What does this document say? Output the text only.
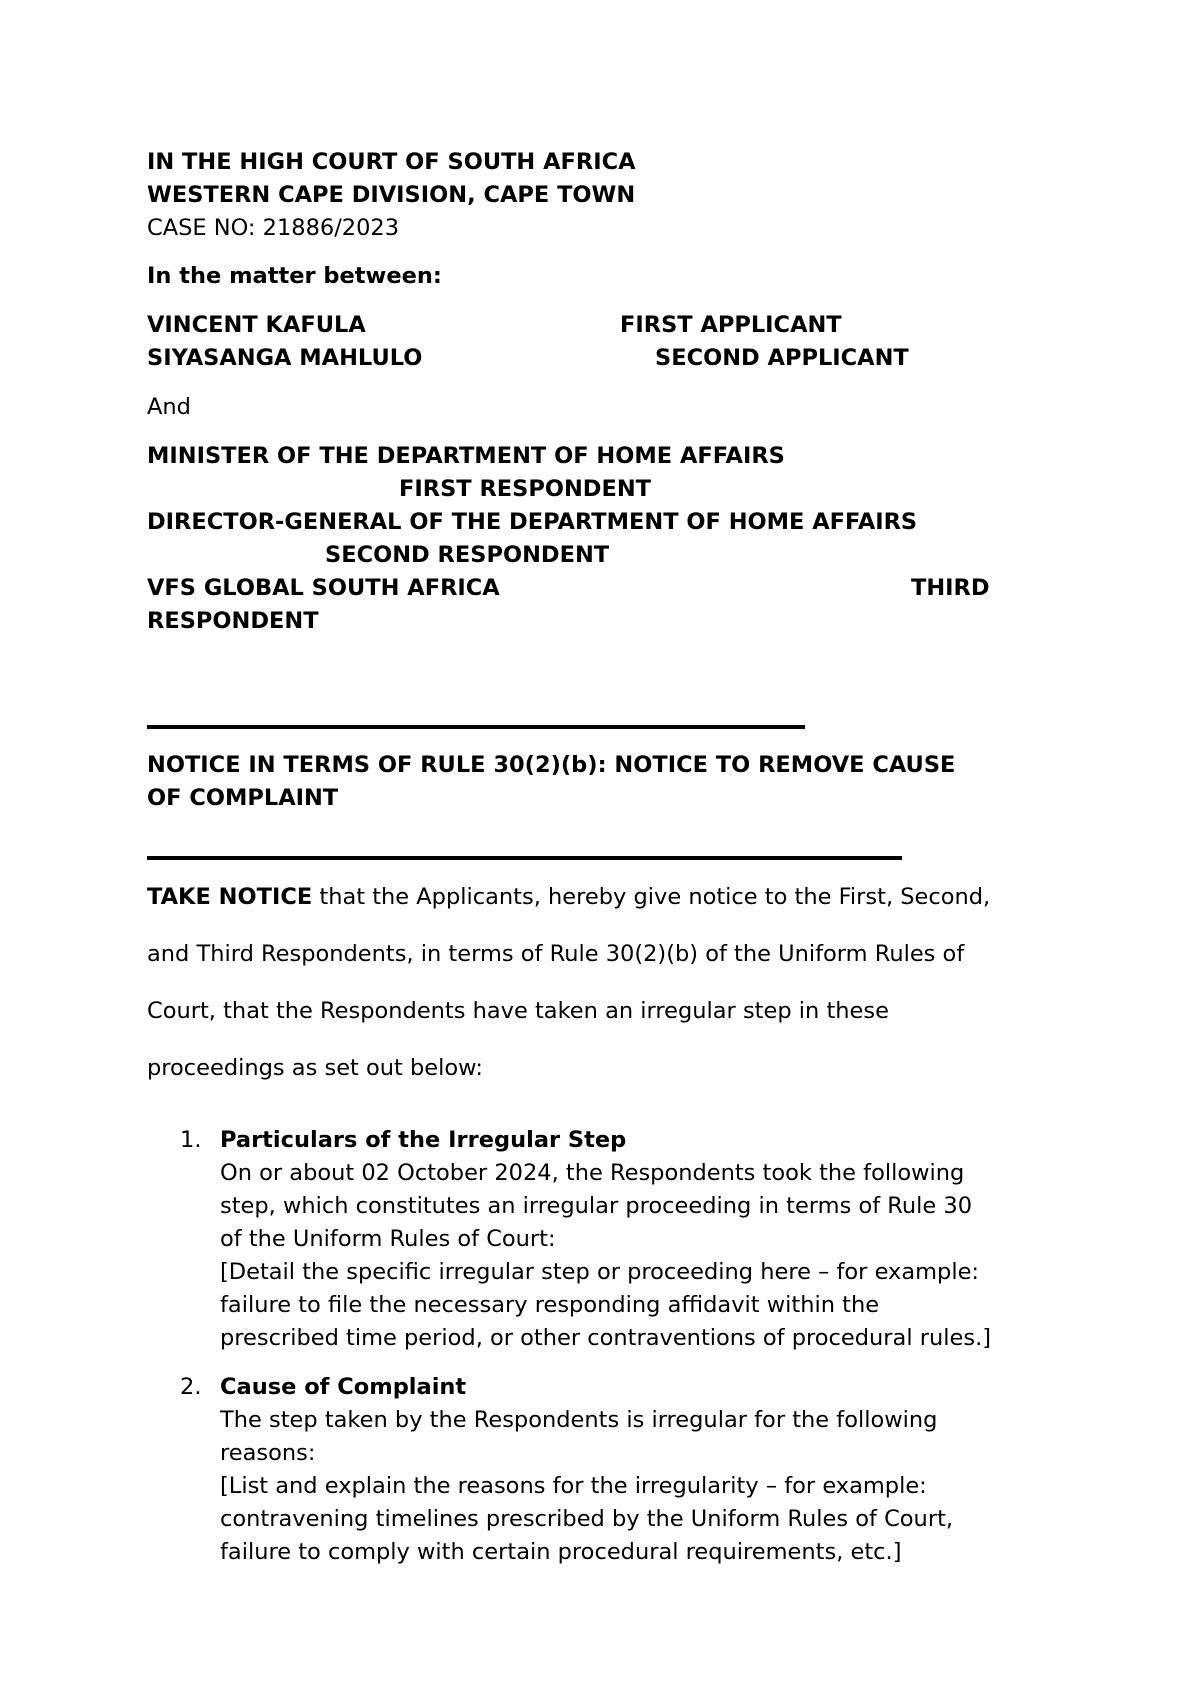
IN THE HIGH COURT OF SOUTH AFRICA
WESTERN CAPE DIVISION, CAPE TOWN
CASE NO: 21886/2023
In the matter between:
VINCENT KAFULA	FIRST APPLICANT
SIYASANGA MAHLULO	SECOND APPLICANT
And
MINISTER OF THE DEPARTMENT OF HOME AFFAIRS
FIRST RESPONDENT
DIRECTOR-GENERAL OF THE DEPARTMENT OF HOME AFFAIRS
SECOND RESPONDENT
VFS GLOBAL SOUTH AFRICA	THIRD
RESPONDENT
NOTICE IN TERMS OF RULE 30(2)(b): NOTICE TO REMOVE CAUSE
OF COMPLAINT
TAKE NOTICE that the Applicants, hereby give notice to the First, Second,
and Third Respondents, in terms of Rule 30(2)(b) of the Uniform Rules of
Court, that the Respondents have taken an irregular step in these
proceedings as set out below:
1. Particulars of the Irregular Step
On or about 02 October 2024, the Respondents took the following
step, which constitutes an irregular proceeding in terms of Rule 30
of the Uniform Rules of Court:
[Detail the specific irregular step or proceeding here – for example:
failure to file the necessary responding affidavit within the
prescribed time period, or other contraventions of procedural rules.]
2. Cause of Complaint
The step taken by the Respondents is irregular for the following
reasons:
[List and explain the reasons for the irregularity – for example:
contravening timelines prescribed by the Uniform Rules of Court,
failure to comply with certain procedural requirements, etc.]
